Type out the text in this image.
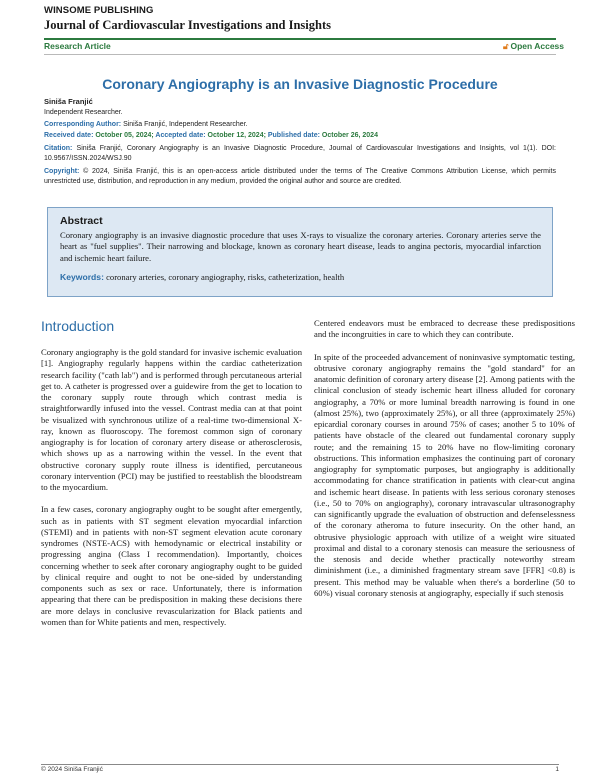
WINSOME PUBLISHING
Journal of Cardiovascular Investigations and Insights
Research Article	🔓︎ Open Access
Coronary Angiography is an Invasive Diagnostic Procedure
Siniša Franjić
Independent Researcher.
Corresponding Author: Siniša Franjić, Independent Researcher.
Received date: October 05, 2024; Accepted date: October 12, 2024; Published date: October 26, 2024
Citation: Siniša Franjić, Coronary Angiography is an Invasive Diagnostic Procedure, Journal of Cardiovascular Investigations and Insights, vol 1(1). DOI: 10.9567/ISSN.2024/WSJ.90
Copyright: © 2024, Siniša Franjić, this is an open-access article distributed under the terms of The Creative Commons Attribution License, which permits unrestricted use, distribution, and reproduction in any medium, provided the original author and source are credited.
Abstract
Coronary angiography is an invasive diagnostic procedure that uses X-rays to visualize the coronary arteries. Coronary arteries serve the heart as "fuel supplies". Their narrowing and blockage, known as coronary heart disease, leads to angina pectoris, myocardial infarction and ischemic heart failure.
Keywords: coronary arteries, coronary angiography, risks, catheterization, health
Introduction

Coronary angiography is the gold standard for invasive ischemic evaluation [1]. Angiography regularly happens within the cardiac catheterization research facility ("cath lab") and is performed through percutaneous arterial get to. A catheter is progressed over a guidewire from the get to location to the coronary supply route through which contrast media is straightforwardly infused into the vessel. Contrast media can at that point be visualized with synchronous utilize of a real-time two-dimensional X-ray, known as fluoroscopy. The foremost common sign of coronary angiography is for location of coronary artery disease or atherosclerosis, which shows up as a narrowing within the vessel. In the event that obstructive coronary supply route illness is identified, percutaneous coronary intervention (PCI) may be justified to reestablish the bloodstream to the myocardium.

In a few cases, coronary angiography ought to be sought after emergently, such as in patients with ST segment elevation myocardial infarction (STEMI) and in patients with non-ST segment elevation acute coronary syndromes (NSTE-ACS) with hemodynamic or electrical instability or progressing angina (Class I recommendation). Importantly, choices concerning whether to seek after coronary angiography ought to be guided by clinical require and ought to not be one-sided by understanding components such as sex or race. Unfortunately, there is information appearing that there can be predisposition in making these decisions there are more delays in conclusive revascularization for Black patients and women than for White patients and men, respectively.

Centered endeavors must be embraced to decrease these predispositions and the incongruities in care to which they can contribute.

In spite of the proceeded advancement of noninvasive symptomatic testing, obtrusive coronary angiography remains the "gold standard" for an anatomic definition of coronary artery disease [2]. Among patients with the clinical conclusion of steady ischemic heart illness alluded for coronary angiography, a 70% or more luminal breadth narrowing is found in one (almost 25%), two (approximately 25%), or all three (approximately 25%) epicardial coronary courses in around 75% of cases; another 5 to 10% of patients have obstacle of the cleared out fundamental coronary supply route; and the remaining 15 to 20% have no flow-limiting coronary obstructions. This information emphasizes the continuing part of coronary angiography for symptomatic purposes, but angiography is additionally accommodating for chance stratification in patients with clear-cut angina and ischemic heart disease. In patients with less serious coronary stenoses (i.e., 50 to 70% on angiography), coronary intravascular ultrasonography can significantly upgrade the evaluation of obstruction and defenselessness of the coronary atheroma to future insecurity. On the other hand, an obtrusive physiologic approach with utilize of a weight wire situated proximal and distal to a coronary stenosis can measure the seriousness of the stenosis and decide whether practically noteworthy stream diminishment (i.e., a diminished fragmentary stream save [FFR] <0.8) is present. This method may be valuable when there's a borderline (50 to 60%) visual coronary stenosis at angiography, especially if such stenosis

© 2024 Siniša Franjić	1
